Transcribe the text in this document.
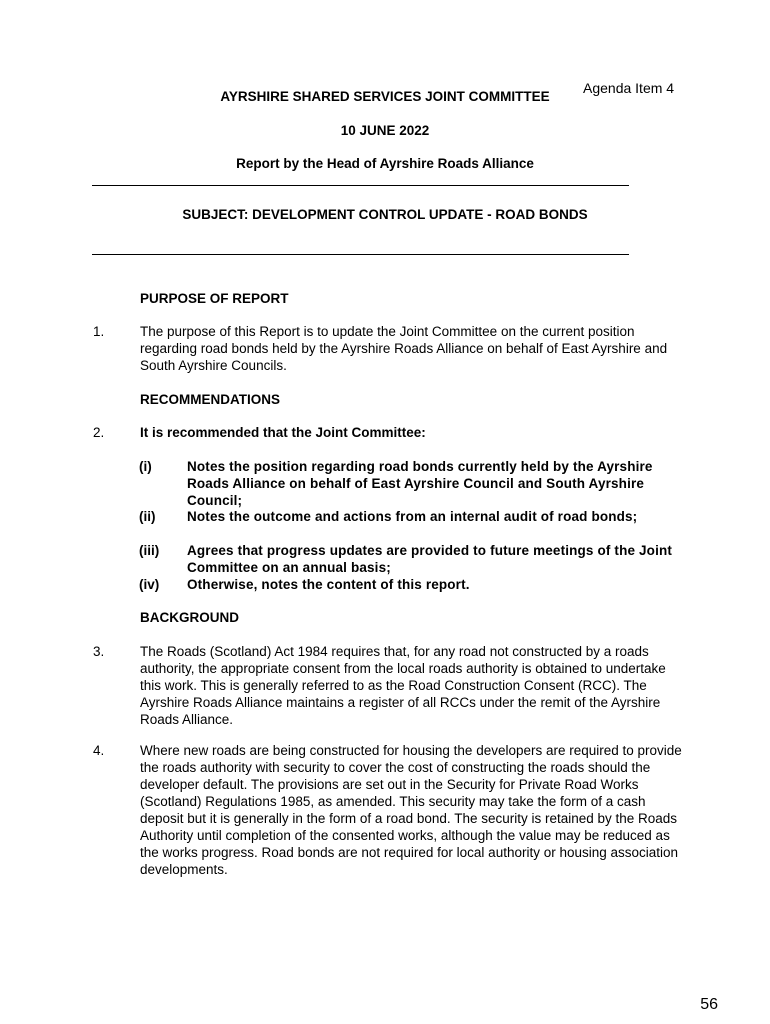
Agenda Item 4
AYRSHIRE SHARED SERVICES JOINT COMMITTEE
10 JUNE 2022
Report by the Head of Ayrshire Roads Alliance
SUBJECT: DEVELOPMENT CONTROL UPDATE - ROAD BONDS
PURPOSE OF REPORT
1.	The purpose of this Report is to update the Joint Committee on the current position regarding road bonds held by the Ayrshire Roads Alliance on behalf of East Ayrshire and South Ayrshire Councils.
RECOMMENDATIONS
2.	It is recommended that the Joint Committee:
(i)	Notes the position regarding road bonds currently held by the Ayrshire Roads Alliance on behalf of East Ayrshire Council and South Ayrshire Council;
(ii) Notes the outcome and actions from an internal audit of road bonds;
(iii) Agrees that progress updates are provided to future meetings of the Joint Committee on an annual basis;
(iv) Otherwise, notes the content of this report.
BACKGROUND
3.	The Roads (Scotland) Act 1984 requires that, for any road not constructed by a roads authority, the appropriate consent from the local roads authority is obtained to undertake this work. This is generally referred to as the Road Construction Consent (RCC). The Ayrshire Roads Alliance maintains a register of all RCCs under the remit of the Ayrshire Roads Alliance.
4.	Where new roads are being constructed for housing the developers are required to provide the roads authority with security to cover the cost of constructing the roads should the developer default. The provisions are set out in the Security for Private Road Works (Scotland) Regulations 1985, as amended. This security may take the form of a cash deposit but it is generally in the form of a road bond. The security is retained by the Roads Authority until completion of the consented works, although the value may be reduced as the works progress. Road bonds are not required for local authority or housing association developments.
56
